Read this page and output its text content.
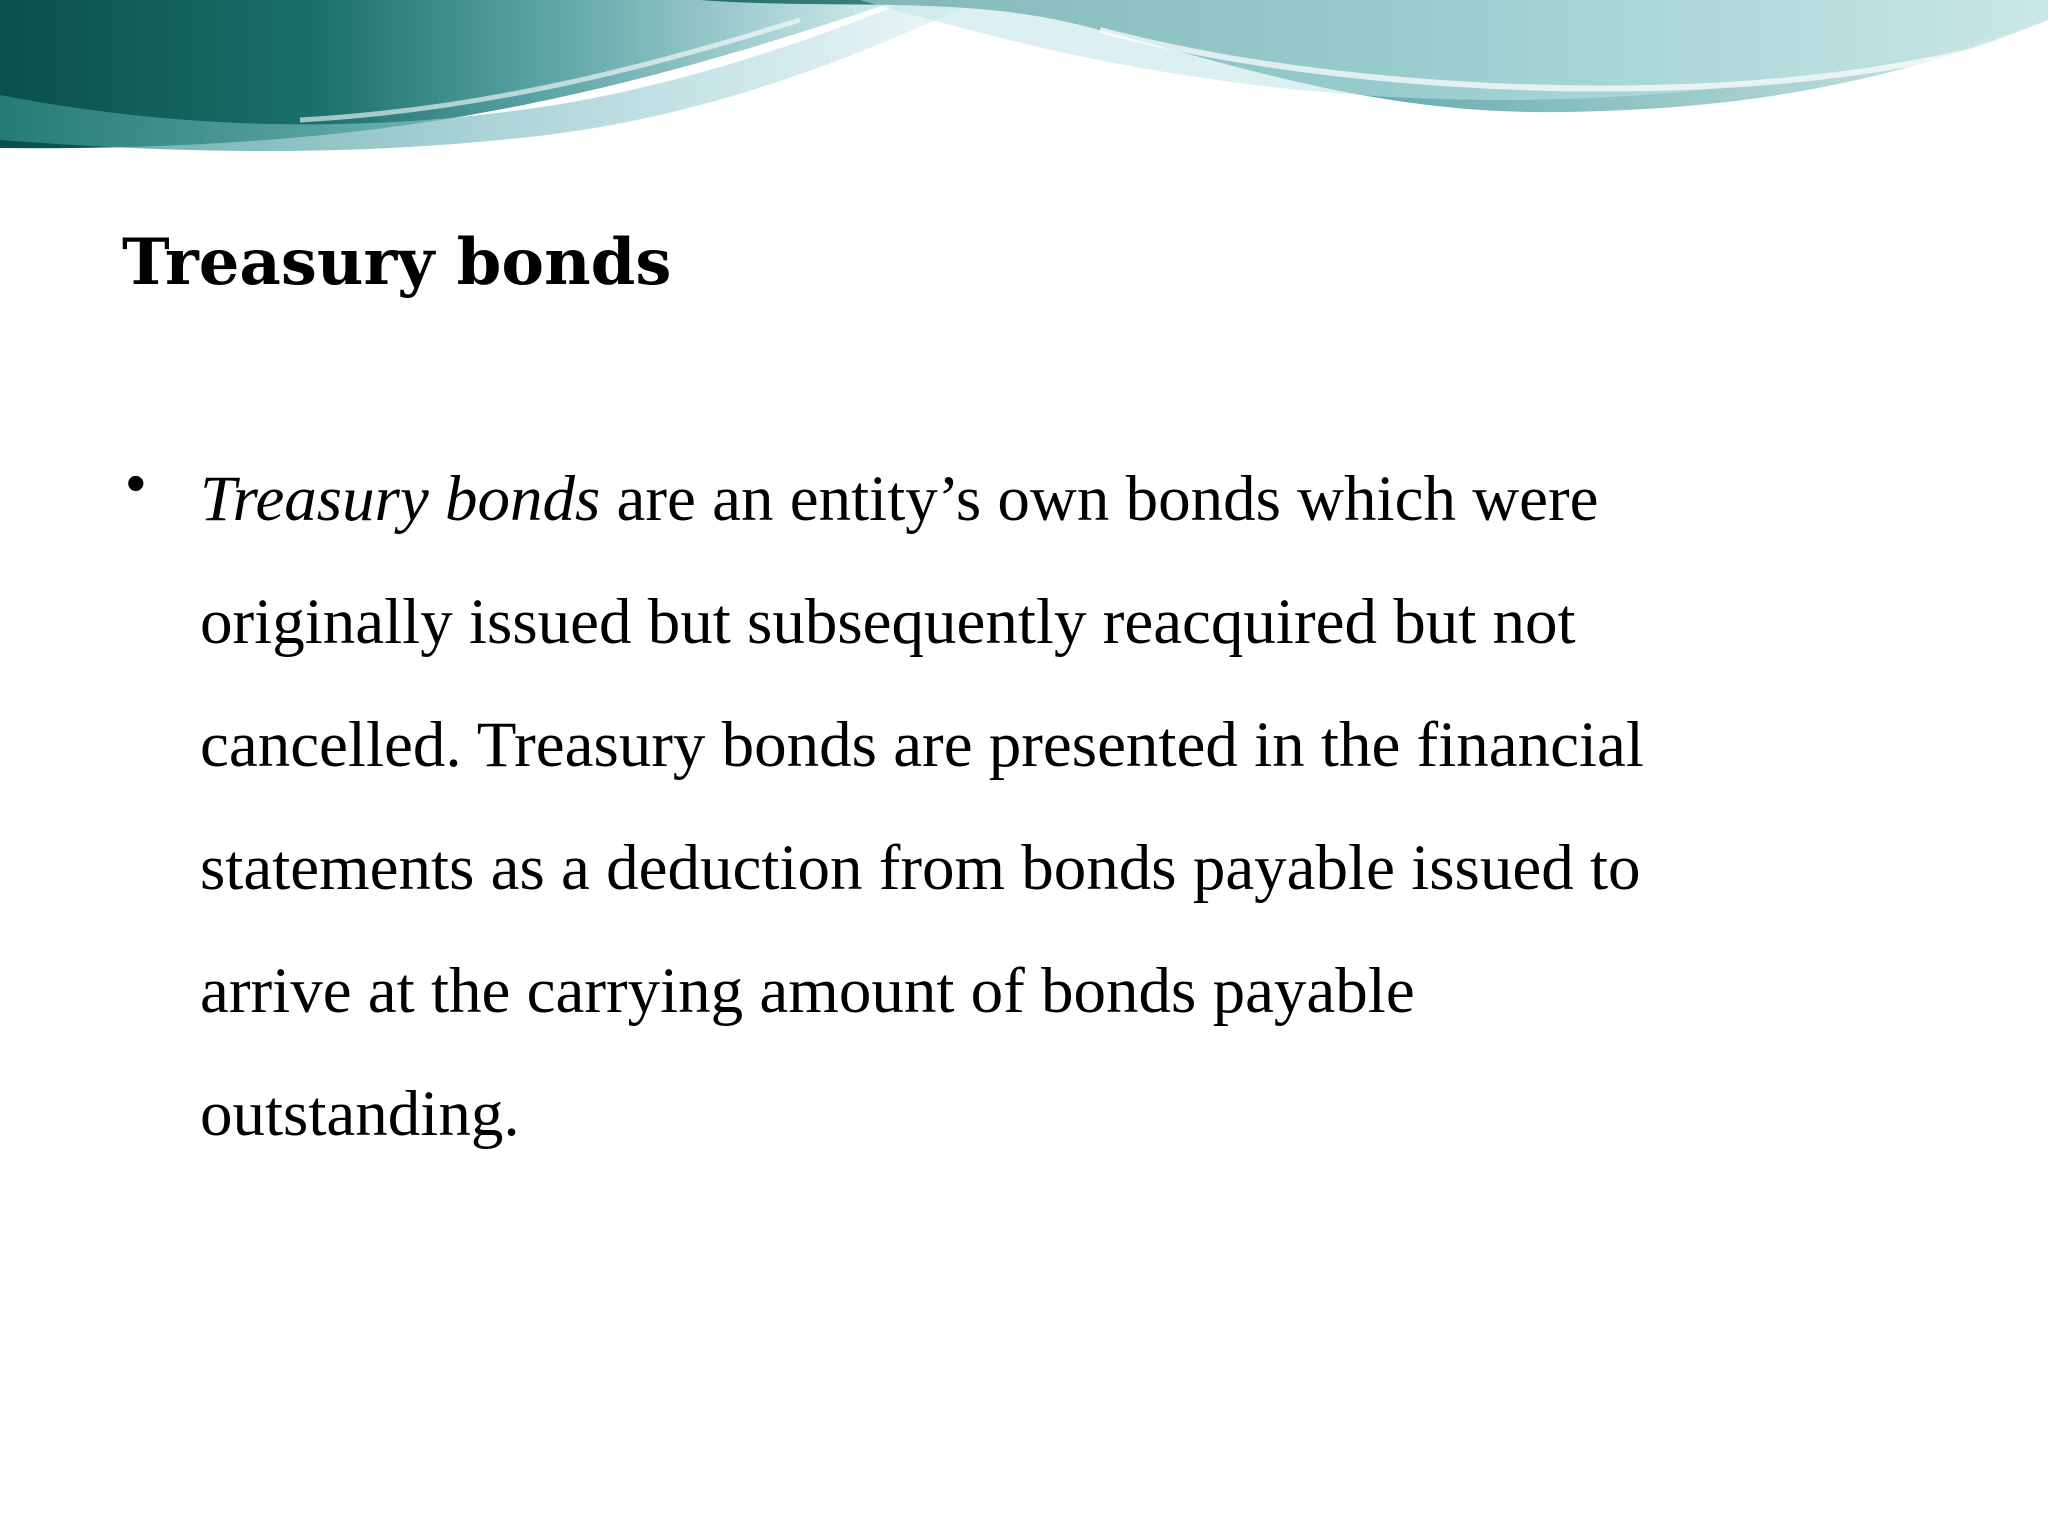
Treasury bonds
• Treasury bonds are an entity’s own bonds which were
originally issued but subsequently reacquired but not
cancelled. Treasury bonds are presented in the financial
statements as a deduction from bonds payable issued to
arrive at the carrying amount of bonds payable
outstanding.
